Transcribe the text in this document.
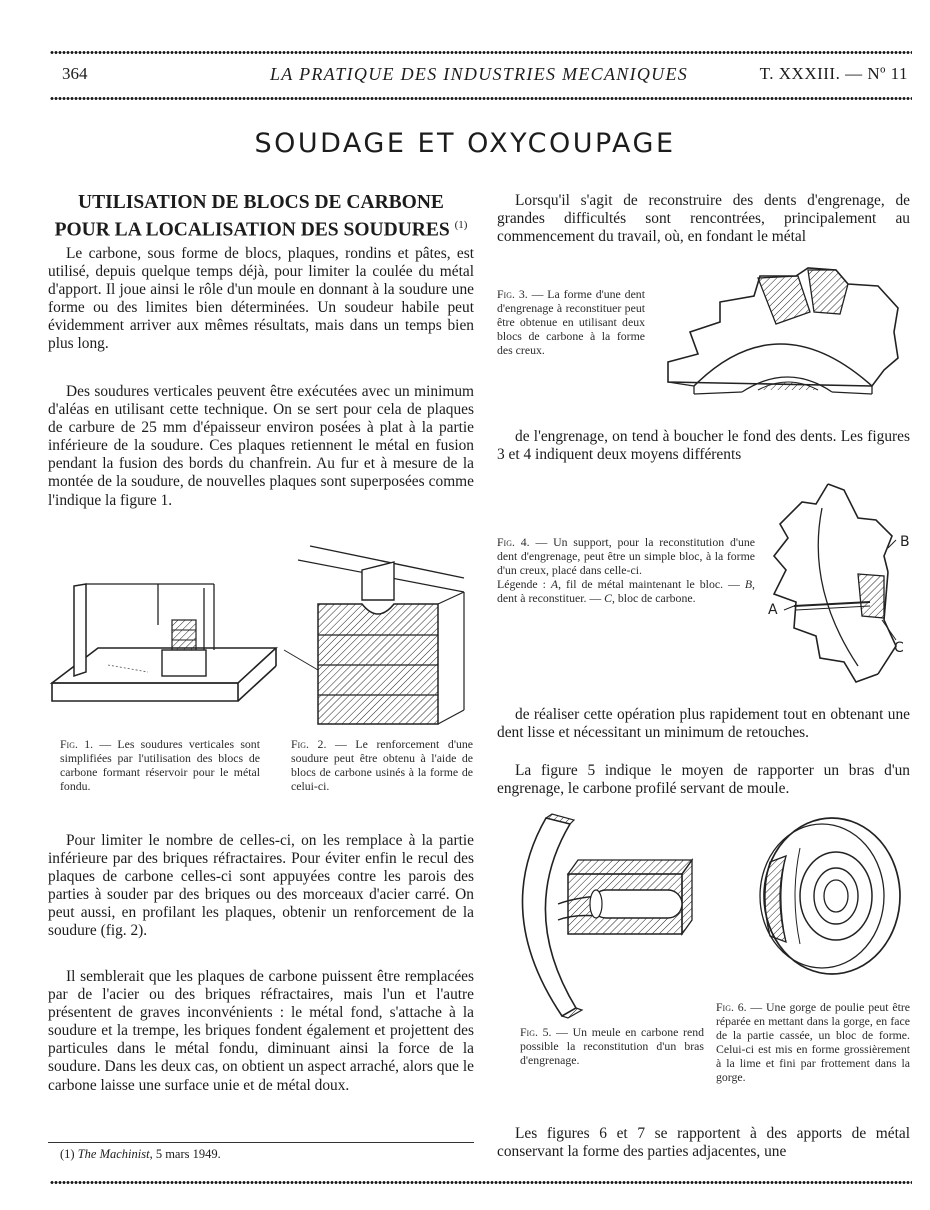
364	LA PRATIQUE DES INDUSTRIES MECANIQUES	T. XXXIII. — Nº 11
SOUDAGE ET OXYCOUPAGE
UTILISATION DE BLOCS DE CARBONE
POUR LA LOCALISATION DES SOUDURES $^{(1)}$

Le carbone, sous forme de blocs, plaques, rondins et pâtes, est utilisé, depuis quelque temps déjà, pour limiter la coulée du métal d'apport. Il joue ainsi le rôle d'un moule en donnant à la soudure une forme ou des limites bien déterminées. Un soudeur habile peut évidemment arriver aux mêmes résultats, mais dans un temps bien plus long.

Des soudures verticales peuvent être exécutées avec un minimum d'aléas en utilisant cette technique. On se sert pour cela de plaques de carbure de 25 mm d'épaisseur environ posées à plat à la partie inférieure de la soudure. Ces plaques retiennent le métal en fusion pendant la fusion des bords du chanfrein. Au fur et à mesure de la montée de la soudure, de nouvelles plaques sont superposées comme l'indique la figure 1.

Fig. 1. — Les soudures verticales sont simplifiées par l'utilisation des blocs de carbone formant réservoir pour le métal fondu.

Fig. 2. — Le renforcement d'une soudure peut être obtenu à l'aide de blocs de carbone usinés à la forme de celui-ci.

Pour limiter le nombre de celles-ci, on les remplace à la partie inférieure par des briques réfractaires. Pour éviter enfin le recul des plaques de carbone celles-ci sont appuyées contre les parois des parties à souder par des briques ou des morceaux d'acier carré. On peut aussi, en profilant les plaques, obtenir un renforcement de la soudure (fig. 2).

Il semblerait que les plaques de carbone puissent être remplacées par de l'acier ou des briques réfractaires, mais l'un et l'autre présentent de graves inconvénients : le métal fond, s'attache à la soudure et la trempe, les briques fondent également et projettent des particules dans le métal fondu, diminuant ainsi la force de la soudure. Dans les deux cas, on obtient un aspect arraché, alors que le carbone laisse une surface unie et de métal doux.

(1) The Machinist, 5 mars 1949.

Lorsqu'il s'agit de reconstruire des dents d'engrenage, de grandes difficultés sont rencontrées, principalement au commencement du travail, où, en fondant le métal

Fig. 3. — La forme d'une dent d'engrenage à reconstituer peut être obtenue en utilisant deux blocs de carbone à la forme des creux.

de l'engrenage, on tend à boucher le fond des dents. Les figures 3 et 4 indiquent deux moyens différents

Fig. 4. — Un support, pour la reconstitution d'une dent d'engrenage, peut être un simple bloc, à la forme d'un creux, placé dans celle-ci.
Légende : A, fil de métal maintenant le bloc. — B, dent à reconstituer. — C, bloc de carbone.

B
A
C

de réaliser cette opération plus rapidement tout en obtenant une dent lisse et nécessitant un minimum de retouches.

La figure 5 indique le moyen de rapporter un bras d'un engrenage, le carbone profilé servant de moule.

Fig. 5. — Un meule en carbone rend possible la reconstitution d'un bras d'engrenage.

Fig. 6. — Une gorge de poulie peut être réparée en mettant dans la gorge, en face de la partie cassée, un bloc de forme. Celui-ci est mis en forme grossièrement à la lime et fini par frottement dans la gorge.

Les figures 6 et 7 se rapportent à des apports de métal conservant la forme des parties adjacentes, une
